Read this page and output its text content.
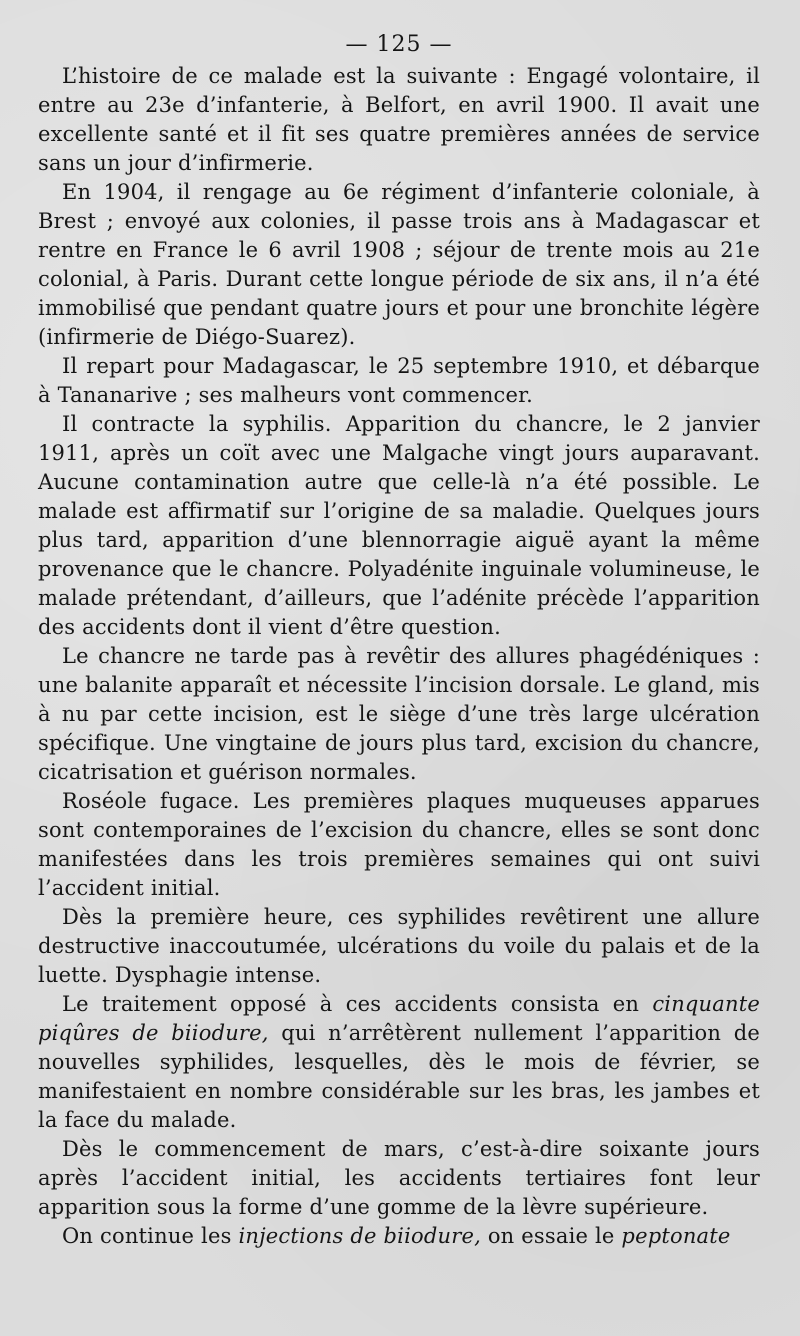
— 125 —

L’histoire de ce malade est la suivante : Engagé volontaire, il entre au 23e d’infanterie, à Belfort, en avril 1900. Il avait une excellente santé et il fit ses quatre premières années de service sans un jour d’infirmerie.

En 1904, il rengage au 6e régiment d’infanterie coloniale, à Brest ; envoyé aux colonies, il passe trois ans à Madagascar et rentre en France le 6 avril 1908 ; séjour de trente mois au 21e colonial, à Paris. Durant cette longue période de six ans, il n’a été immobilisé que pendant quatre jours et pour une bronchite légère (infirmerie de Diégo-Suarez).

Il repart pour Madagascar, le 25 septembre 1910, et débarque à Tananarive ; ses malheurs vont commencer.

Il contracte la syphilis. Apparition du chancre, le 2 janvier 1911, après un coït avec une Malgache vingt jours auparavant. Aucune contamination autre que celle-là n’a été possible. Le malade est affirmatif sur l’origine de sa maladie. Quelques jours plus tard, apparition d’une blennorragie aiguë ayant la même provenance que le chancre. Polyadénite inguinale volumineuse, le malade prétendant, d’ailleurs, que l’adénite précède l’apparition des accidents dont il vient d’être question.

Le chancre ne tarde pas à revêtir des allures phagédéniques : une balanite apparaît et nécessite l’incision dorsale. Le gland, mis à nu par cette incision, est le siège d’une très large ulcération spécifique. Une vingtaine de jours plus tard, excision du chancre, cicatrisation et guérison normales.

Roséole fugace. Les premières plaques muqueuses apparues sont contemporaines de l’excision du chancre, elles se sont donc manifestées dans les trois premières semaines qui ont suivi l’accident initial.

Dès la première heure, ces syphilides revêtirent une allure destructive inaccoutumée, ulcérations du voile du palais et de la luette. Dysphagie intense.

Le traitement opposé à ces accidents consista en cinquante piqûres de biiodure, qui n’arrêtèrent nullement l’apparition de nouvelles syphilides, lesquelles, dès le mois de février, se manifestaient en nombre considérable sur les bras, les jambes et la face du malade.

Dès le commencement de mars, c’est-à-dire soixante jours après l’accident initial, les accidents tertiaires font leur apparition sous la forme d’une gomme de la lèvre supérieure.

On continue les injections de biiodure, on essaie le peptonate
